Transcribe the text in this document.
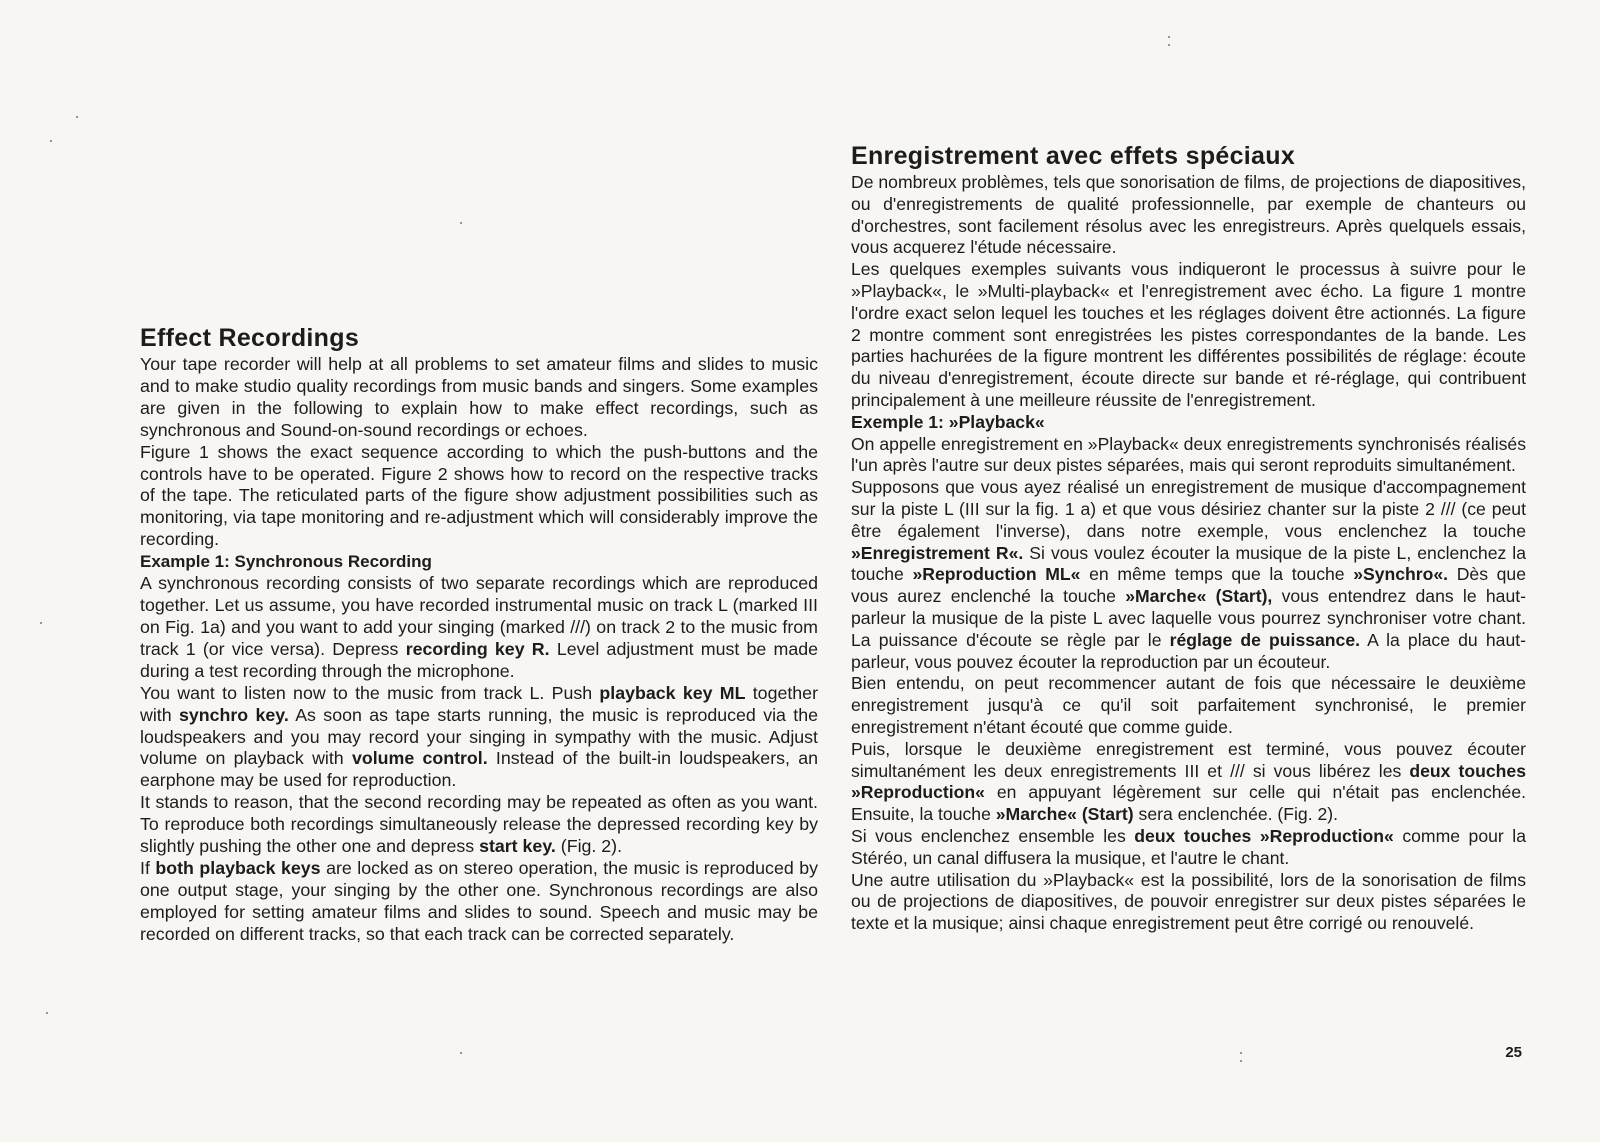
Effect Recordings

Your tape recorder will help at all problems to set amateur films and slides to music and to make studio quality recordings from music bands and singers. Some examples are given in the following to explain how to make effect recordings, such as synchronous and Sound-on-sound recordings or echoes.

Figure 1 shows the exact sequence according to which the push-buttons and the controls have to be operated. Figure 2 shows how to record on the respective tracks of the tape. The reticulated parts of the figure show adjustment possibilities such as monitoring, via tape monitoring and re-adjustment which will considerably improve the recording.

Example 1: Synchronous Recording

A synchronous recording consists of two separate recordings which are reproduced together. Let us assume, you have recorded instrumental music on track L (marked III on Fig. 1a) and you want to add your singing (marked ///) on track 2 to the music from track 1 (or vice versa). Depress recording key R. Level adjustment must be made during a test recording through the microphone.

You want to listen now to the music from track L. Push playback key ML together with synchro key. As soon as tape starts running, the music is reproduced via the loudspeakers and you may record your singing in sympathy with the music. Adjust volume on playback with volume control. Instead of the built-in loudspeakers, an earphone may be used for reproduction.

It stands to reason, that the second recording may be repeated as often as you want. To reproduce both recordings simultaneously release the depressed recording key by slightly pushing the other one and depress start key. (Fig. 2).

If both playback keys are locked as on stereo operation, the music is reproduced by one output stage, your singing by the other one. Synchronous recordings are also employed for setting amateur films and slides to sound. Speech and music may be recorded on different tracks, so that each track can be corrected separately.

Enregistrement avec effets spéciaux

De nombreux problèmes, tels que sonorisation de films, de projections de diapositives, ou d'enregistrements de qualité professionnelle, par exemple de chanteurs ou d'orchestres, sont facilement résolus avec les enregistreurs. Après quelquels essais, vous acquerez l'étude nécessaire.

Les quelques exemples suivants vous indiqueront le processus à suivre pour le »Playback«, le »Multi-playback« et l'enregistrement avec écho. La figure 1 montre l'ordre exact selon lequel les touches et les réglages doivent être actionnés. La figure 2 montre comment sont enregistrées les pistes correspondantes de la bande. Les parties hachurées de la figure montrent les différentes possibilités de réglage: écoute du niveau d'enregistrement, écoute directe sur bande et ré-réglage, qui contribuent principalement à une meilleure réussite de l'enregistrement.

Exemple 1: »Playback«

On appelle enregistrement en »Playback« deux enregistrements synchronisés réalisés l'un après l'autre sur deux pistes séparées, mais qui seront reproduits simultanément.

Supposons que vous ayez réalisé un enregistrement de musique d'accompagnement sur la piste L (III sur la fig. 1 a) et que vous désiriez chanter sur la piste 2 /// (ce peut être également l'inverse), dans notre exemple, vous enclenchez la touche »Enregistrement R«. Si vous voulez écouter la musique de la piste L, enclenchez la touche »Reproduction ML« en même temps que la touche »Synchro«. Dès que vous aurez enclenché la touche »Marche« (Start), vous entendrez dans le haut-parleur la musique de la piste L avec laquelle vous pourrez synchroniser votre chant. La puissance d'écoute se règle par le réglage de puissance. A la place du haut-parleur, vous pouvez écouter la reproduction par un écouteur.

Bien entendu, on peut recommencer autant de fois que nécessaire le deuxième enregistrement jusqu'à ce qu'il soit parfaitement synchronisé, le premier enregistrement n'étant écouté que comme guide.

Puis, lorsque le deuxième enregistrement est terminé, vous pouvez écouter simultanément les deux enregistrements III et /// si vous libérez les deux touches »Reproduction« en appuyant légèrement sur celle qui n'était pas enclenchée. Ensuite, la touche »Marche« (Start) sera enclenchée. (Fig. 2).

Si vous enclenchez ensemble les deux touches »Reproduction« comme pour la Stéréo, un canal diffusera la musique, et l'autre le chant.

Une autre utilisation du »Playback« est la possibilité, lors de la sonorisation de films ou de projections de diapositives, de pouvoir enregistrer sur deux pistes séparées le texte et la musique; ainsi chaque enregistrement peut être corrigé ou renouvelé.

25
